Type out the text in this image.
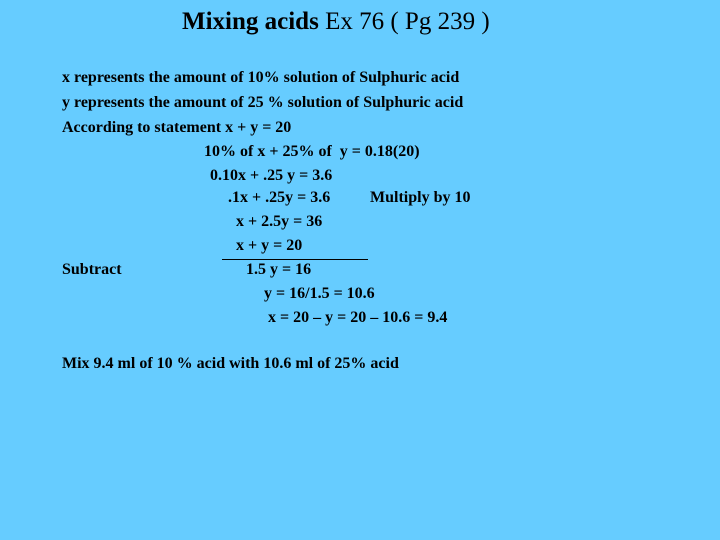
Mixing acids Ex 76 ( Pg 239 )
x represents the amount of 10% solution of Sulphuric acid
y represents the amount of 25 % solution of Sulphuric acid
According to statement x + y = 20
10% of x + 25% of  y = 0.18(20)
0.10x + .25 y = 3.6
.1x + .25y = 3.6 Multiply by 10
x + 2.5y = 36
x + y = 20
Subtract	1.5 y = 16
y = 16/1.5 = 10.6
x = 20 – y = 20 – 10.6 = 9.4
Mix 9.4 ml of 10 % acid with 10.6 ml of 25% acid
